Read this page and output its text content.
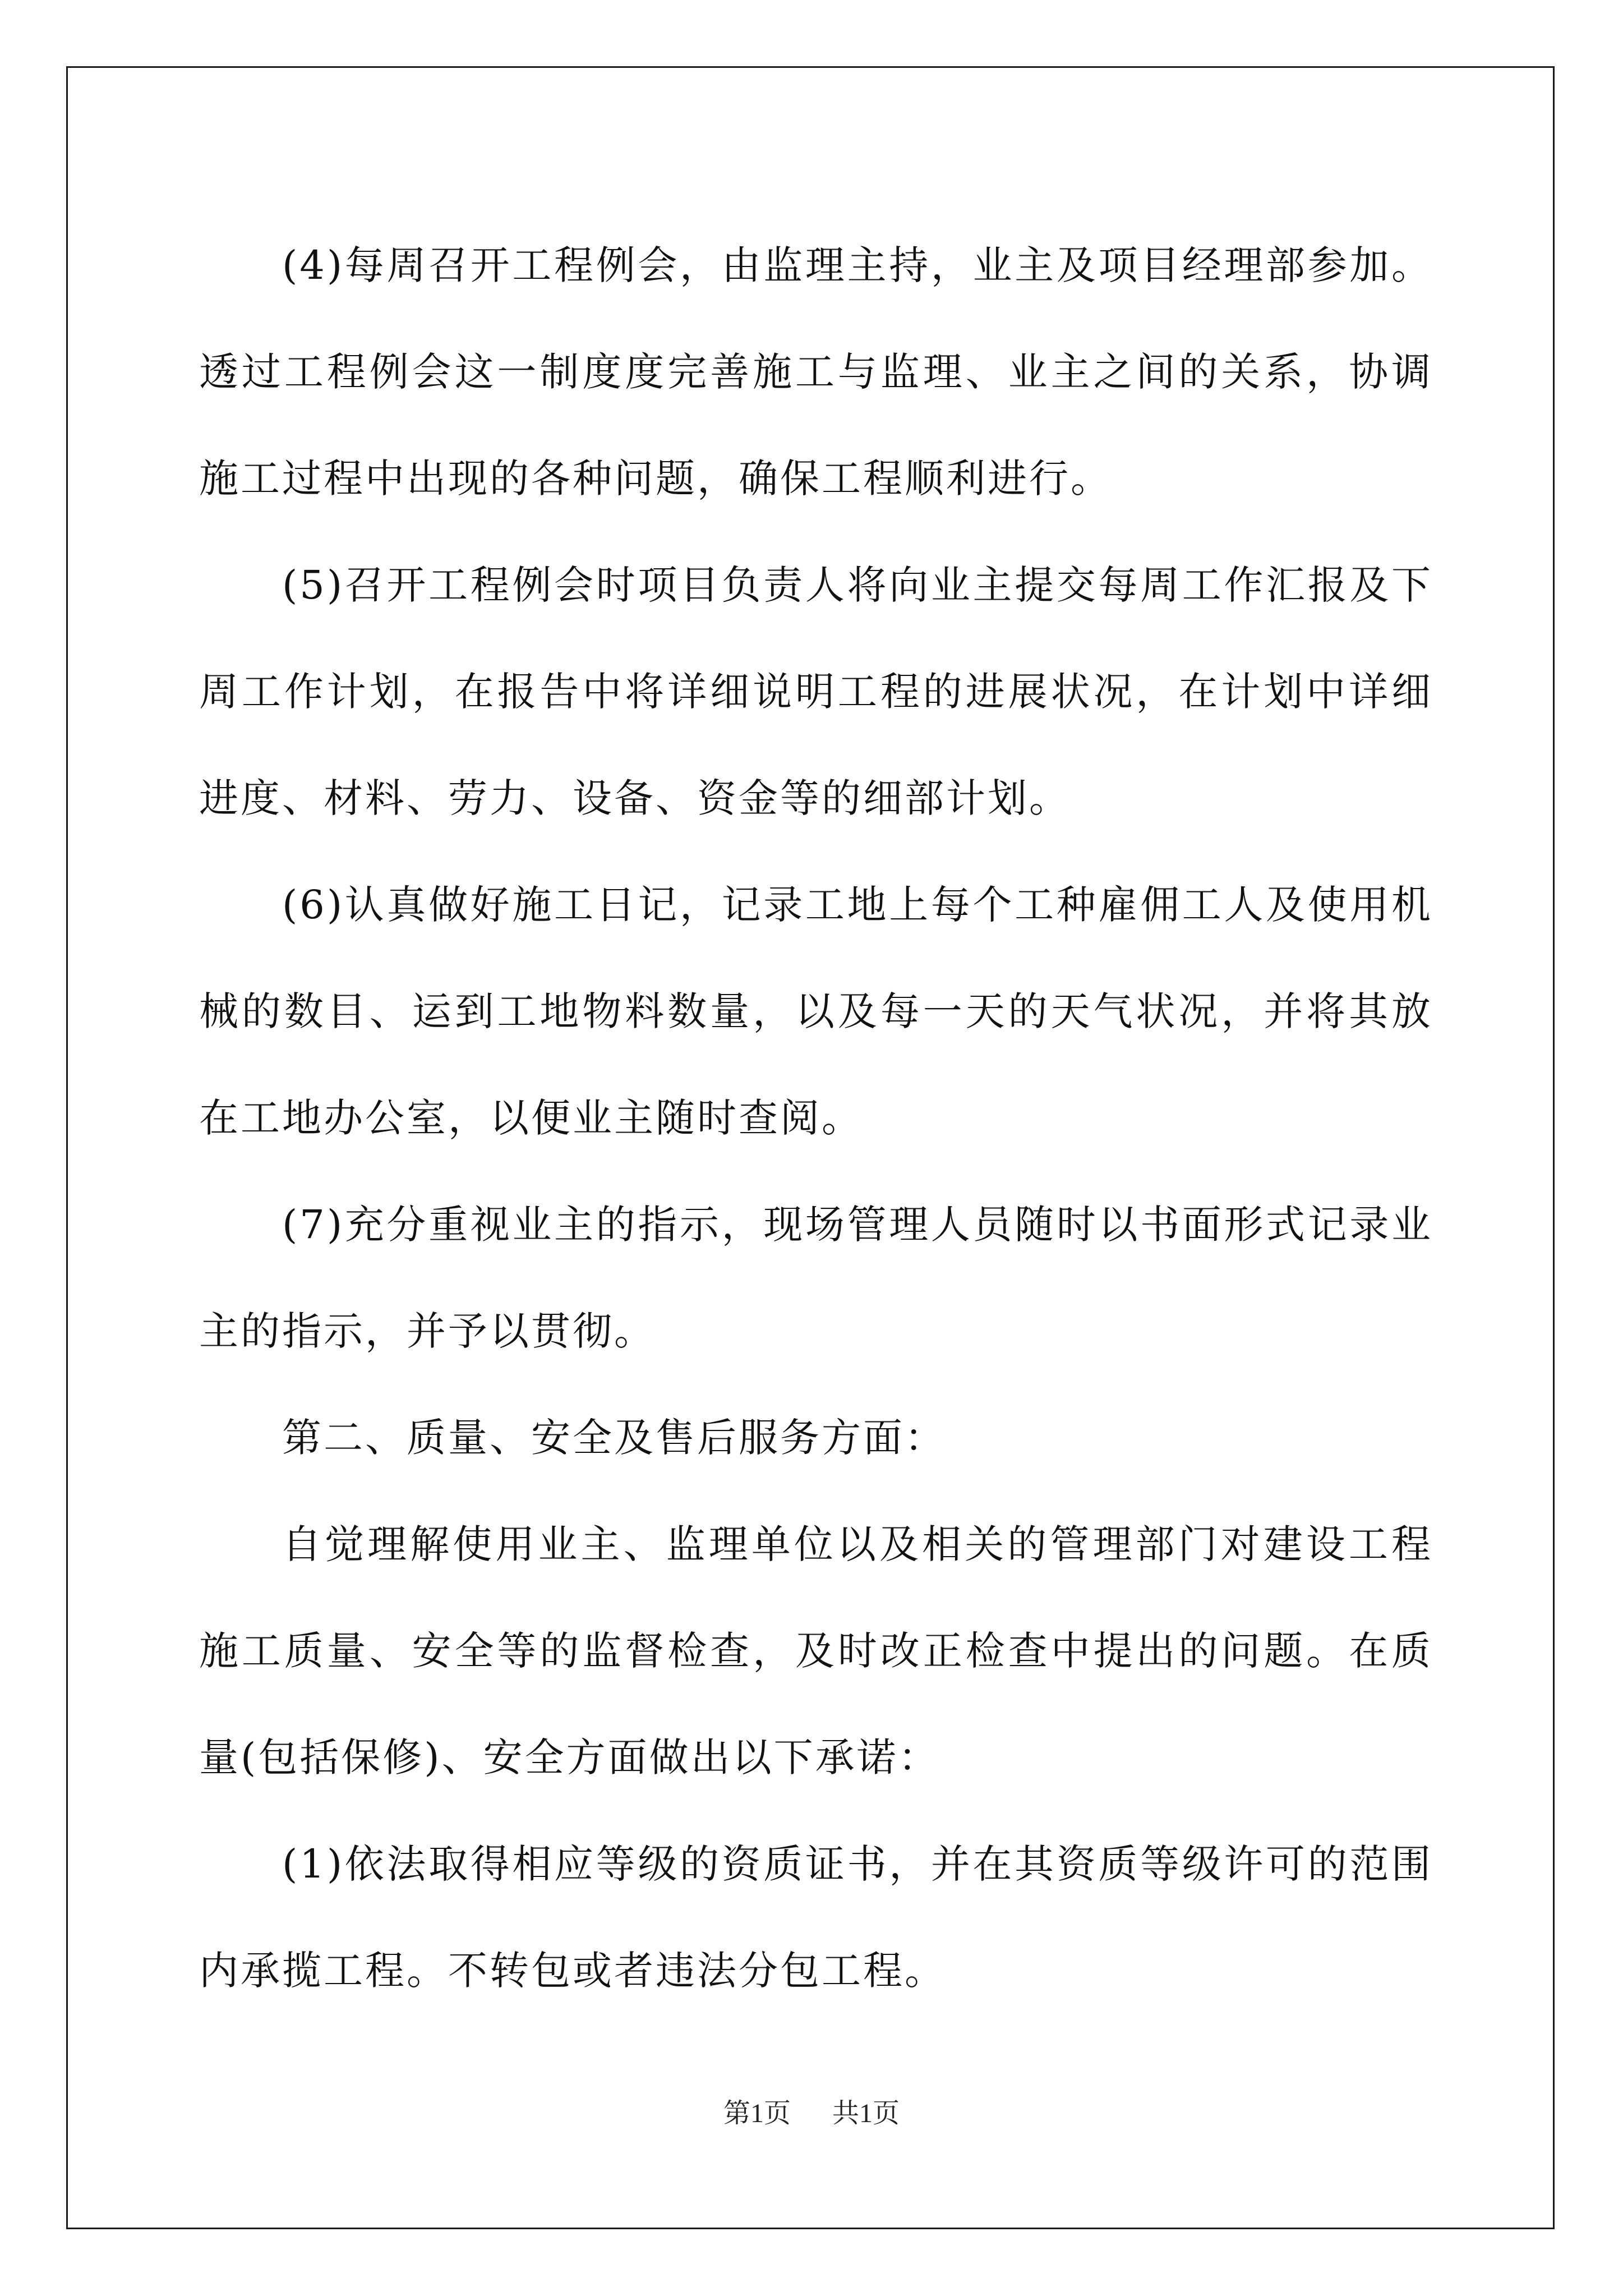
(4)每周召开工程例会，由监理主持，业主及项目经理部参加。透过工程例会这一制度度完善施工与监理、业主之间的关系，协调施工过程中出现的各种问题，确保工程顺利进行。

(5)召开工程例会时项目负责人将向业主提交每周工作汇报及下周工作计划，在报告中将详细说明工程的进展状况，在计划中详细进度、材料、劳力、设备、资金等的细部计划。

(6)认真做好施工日记，记录工地上每个工种雇佣工人及使用机械的数目、运到工地物料数量，以及每一天的天气状况，并将其放在工地办公室，以便业主随时查阅。

(7)充分重视业主的指示，现场管理人员随时以书面形式记录业主的指示，并予以贯彻。

第二、质量、安全及售后服务方面：

自觉理解使用业主、监理单位以及相关的管理部门对建设工程施工质量、安全等的监督检查，及时改正检查中提出的问题。在质量(包括保修)、安全方面做出以下承诺：

(1)依法取得相应等级的资质证书，并在其资质等级许可的范围内承揽工程。不转包或者违法分包工程。

第1页 共1页
